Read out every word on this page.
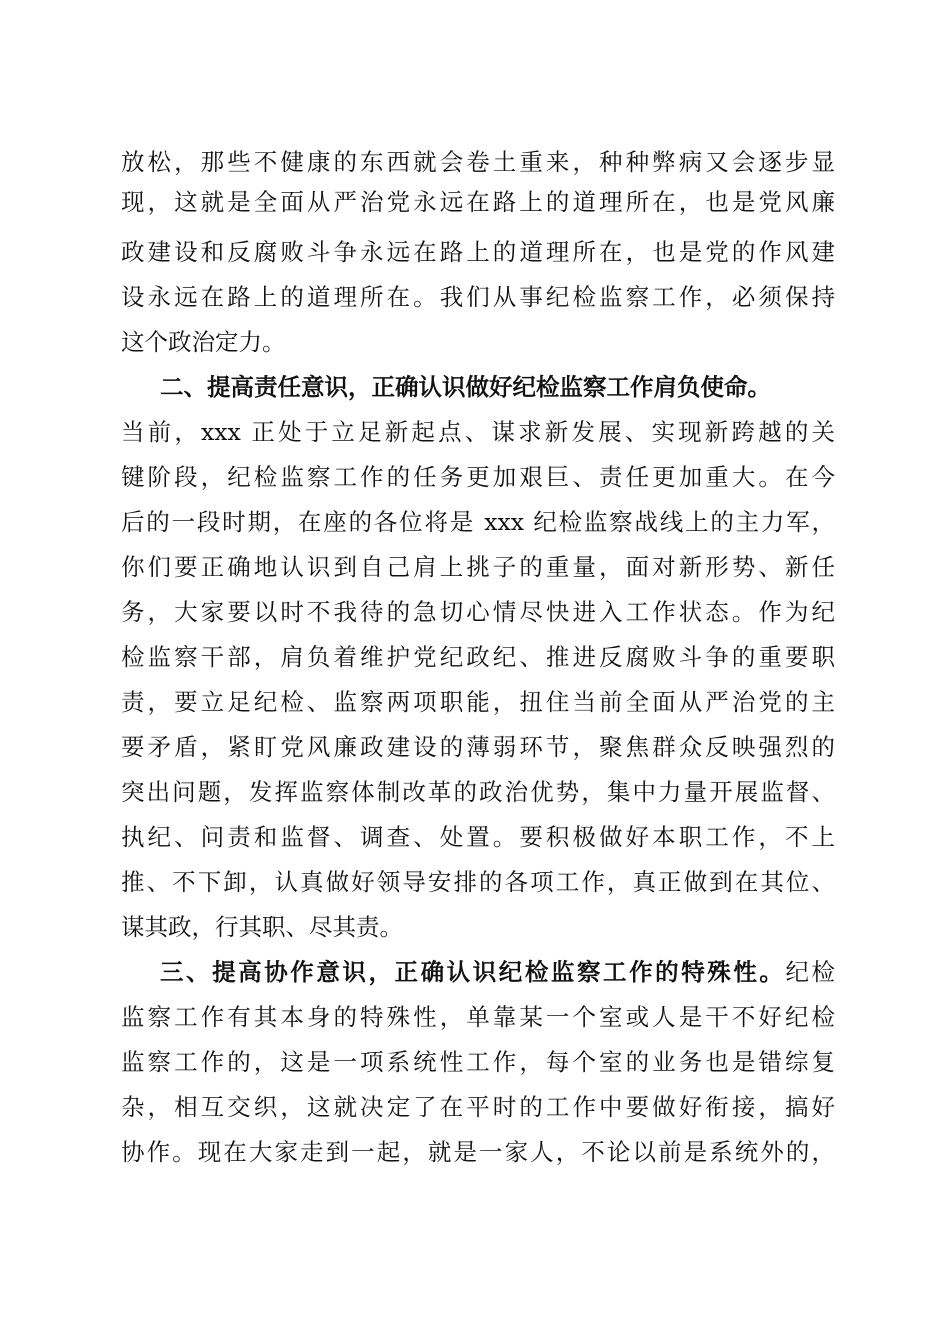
放松，那些不健康的东西就会卷土重来，种种弊病又会逐步显
现，这就是全面从严治党永远在路上的道理所在，也是党风廉
政建设和反腐败斗争永远在路上的道理所在，也是党的作风建
设永远在路上的道理所在。我们从事纪检监察工作，必须保持
这个政治定力。
二、提高责任意识，正确认识做好纪检监察工作肩负使命。
当前，xxx 正处于立足新起点、谋求新发展、实现新跨越的关
键阶段，纪检监察工作的任务更加艰巨、责任更加重大。在今
后的一段时期，在座的各位将是 xxx 纪检监察战线上的主力军，
你们要正确地认识到自己肩上挑子的重量，面对新形势、新任
务，大家要以时不我待的急切心情尽快进入工作状态。作为纪
检监察干部，肩负着维护党纪政纪、推进反腐败斗争的重要职
责，要立足纪检、监察两项职能，扭住当前全面从严治党的主
要矛盾，紧盯党风廉政建设的薄弱环节，聚焦群众反映强烈的
突出问题，发挥监察体制改革的政治优势，集中力量开展监督、
执纪、问责和监督、调查、处置。要积极做好本职工作，不上
推、不下卸，认真做好领导安排的各项工作，真正做到在其位、
谋其政，行其职、尽其责。
三、提高协作意识，正确认识纪检监察工作的特殊性。纪检
监察工作有其本身的特殊性，单靠某一个室或人是干不好纪检
监察工作的，这是一项系统性工作，每个室的业务也是错综复
杂，相互交织，这就决定了在平时的工作中要做好衔接，搞好
协作。现在大家走到一起，就是一家人，不论以前是系统外的，
